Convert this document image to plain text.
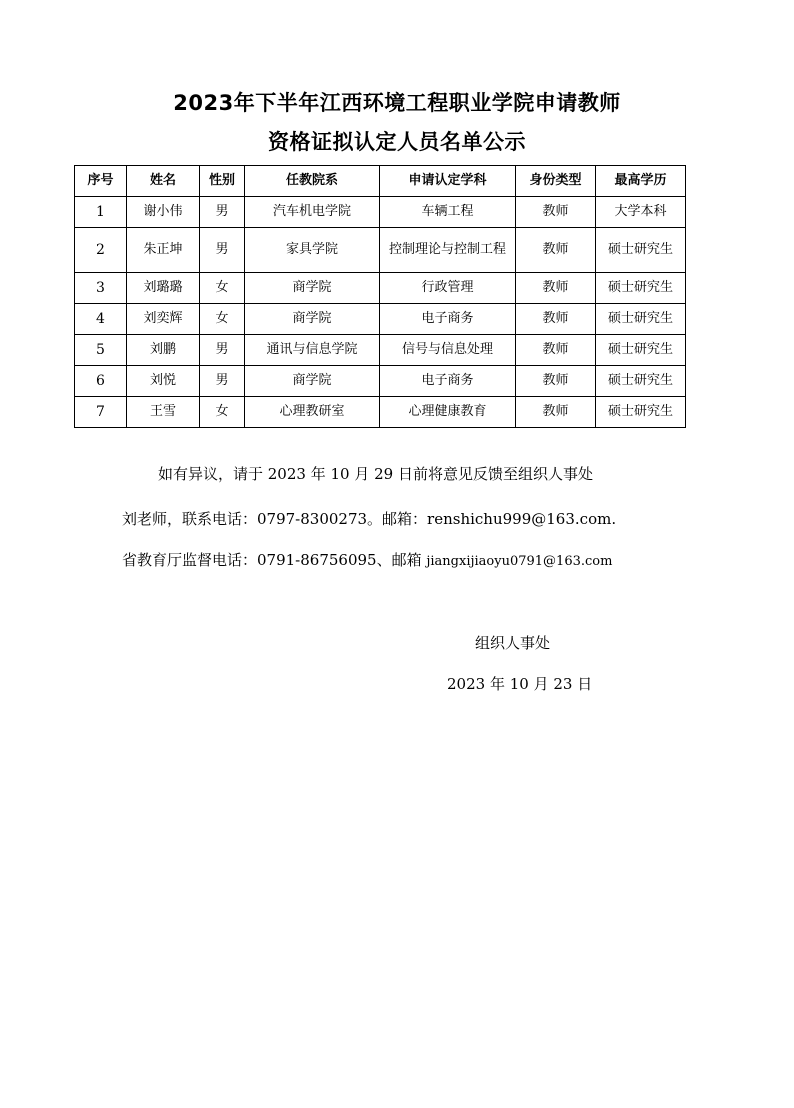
2023年下半年江西环境工程职业学院申请教师
资格证拟认定人员名单公示
序号	姓名	性别	任教院系	申请认定学科	身份类型	最高学历
1	谢小伟	男	汽车机电学院	车辆工程	教师	大学本科
2	朱正坤	男	家具学院	控制理论与控制工程	教师	硕士研究生
3	刘璐璐	女	商学院	行政管理	教师	硕士研究生
4	刘奕辉	女	商学院	电子商务	教师	硕士研究生
5	刘鹏	男	通讯与信息学院	信号与信息处理	教师	硕士研究生
6	刘悦	男	商学院	电子商务	教师	硕士研究生
7	王雪	女	心理教研室	心理健康教育	教师	硕士研究生
如有异议，请于 2023 年 10 月 29 日前将意见反馈至组织人事处
刘老师，联系电话：0797-8300273。邮箱：renshichu999@163.com.
省教育厅监督电话：0791-86756095、邮箱 jiangxijiaoyu0791@163.com
组织人事处
2023 年 10 月 23 日
